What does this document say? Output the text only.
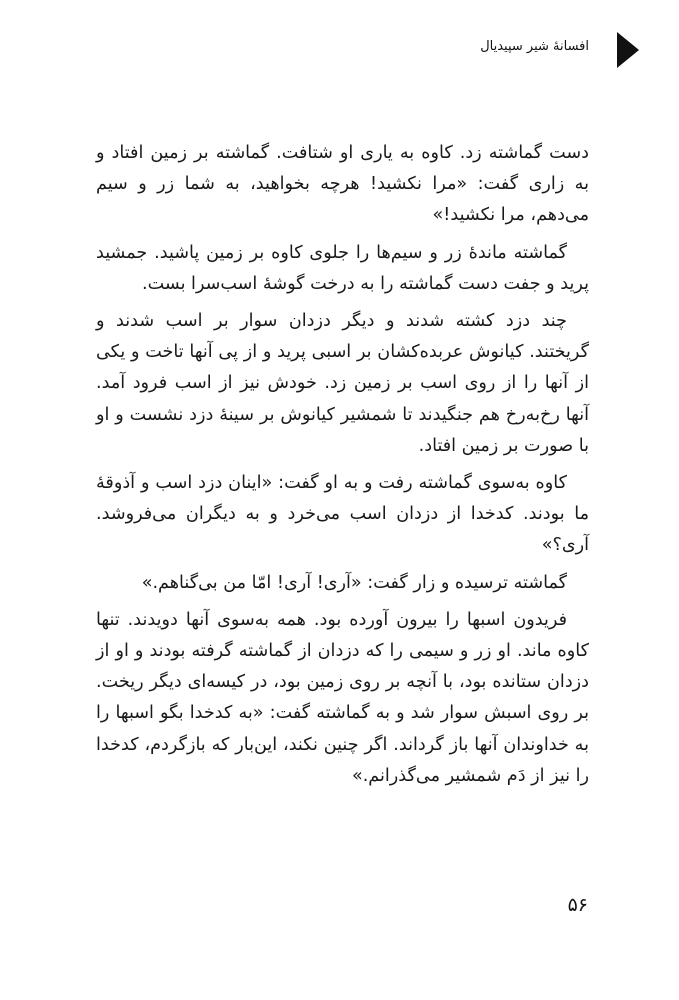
افسانهٔ شیر سپیدیال

دست گماشته زد. کاوه به یاری او شتافت. گماشته بر زمین افتاد و به زاری گفت: «مرا نکشید! هرچه بخواهید، به شما زر و سیم می‌دهم، مرا نکشید!»

گماشته ماندهٔ زر و سیم‌ها را جلوی کاوه بر زمین پاشید. جمشید پرید و جفت دست گماشته را به درخت گوشهٔ اسب‌سرا بست.

چند دزد کشته شدند و دیگر دزدان سوار بر اسب شدند و گریختند. کیانوش عربده‌کشان بر اسبی پرید و از پی آنها تاخت و یکی از آنها را از روی اسب بر زمین زد. خودش نیز از اسب فرود آمد. آنها رخ‌به‌رخ هم جنگیدند تا شمشیر کیانوش بر سینهٔ دزد نشست و او با صورت بر زمین افتاد.

کاوه به‌سوی گماشته رفت و به او گفت: «اینان دزد اسب و آذوقهٔ ما بودند. کدخدا از دزدان اسب می‌خرد و به دیگران می‌فروشد. آری؟»

گماشته ترسیده و زار گفت: «آری! آری! امّا من بی‌گناهم.»

فریدون اسبها را بیرون آورده بود. همه به‌سوی آنها دویدند. تنها کاوه ماند. او زر و سیمی را که دزدان از گماشته گرفته بودند و او از دزدان ستانده بود، با آنچه بر روی زمین بود، در کیسه‌ای دیگر ریخت. بر روی اسبش سوار شد و به گماشته گفت: «به کدخدا بگو اسبها را به خداوندان آنها باز گرداند. اگر چنین نکند، این‌بار که بازگردم، کدخدا را نیز از دَم شمشیر می‌گذرانم.»

۵۶
